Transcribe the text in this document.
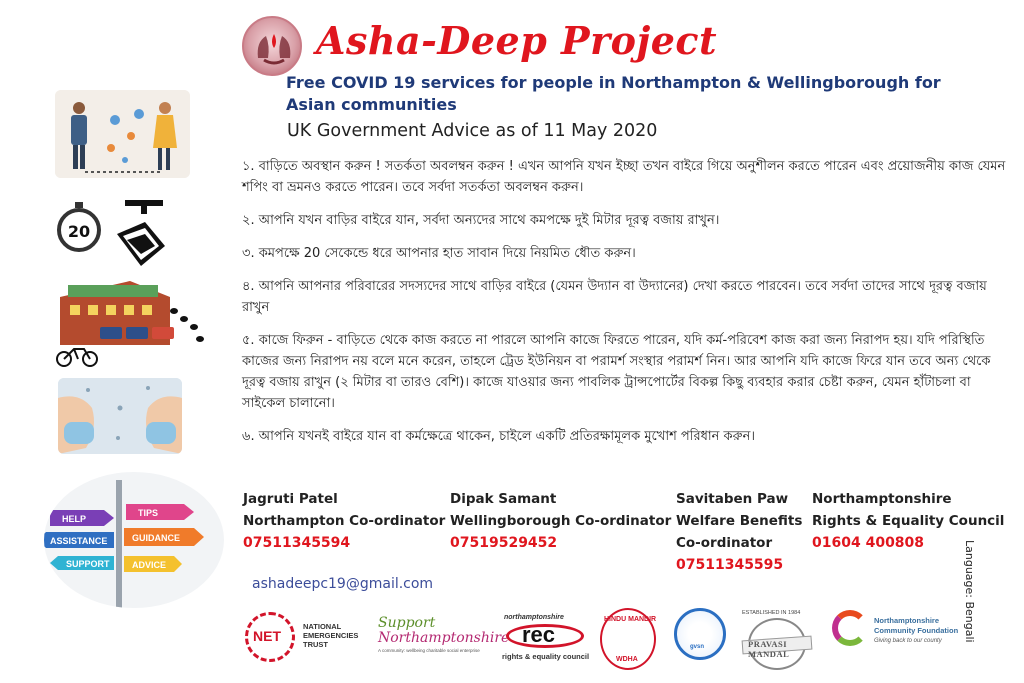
Asha-Deep Project
Free COVID 19 services for people in Northampton & Wellingborough for Asian communities
UK Government Advice as of 11 May 2020
20
HELP
TIPS
ASSISTANCE	GUIDANCE
SUPPORT ADVICE

১. বাড়িতে অবস্থান করুন ! সতর্কতা অবলম্বন করুন ! এখন আপনি যখন ইচ্ছা তখন বাইরে গিয়ে অনুশীলন করতে পারেন এবং প্রয়োজনীয় কাজ যেমন শপিং বা ভ্রমনও করতে পারেন। তবে সর্বদা সতর্কতা অবলম্বন করুন।

২. আপনি যখন বাড়ির বাইরে যান, সর্বদা অন্যদের সাথে কমপক্ষে দুই মিটার দূরত্ব বজায় রাখুন।

৩. কমপক্ষে 20 সেকেন্ডে ধরে আপনার হাত সাবান দিয়ে নিয়মিত ধৌত করুন।

৪. আপনি আপনার পরিবারের সদস্যদের সাথে বাড়ির বাইরে (যেমন উদ্যান বা উদ্যানের) দেখা করতে পারবেন। তবে সর্বদা তাদের সাথে দূরত্ব বজায় রাখুন

৫. কাজে ফিরুন - বাড়িতে থেকে কাজ করতে না পারলে আপনি কাজে ফিরতে পারেন, যদি কর্ম-পরিবেশ কাজ করা জন্য নিরাপদ হয়। যদি পরিস্থিতি কাজের জন্য নিরাপদ নয় বলে মনে করেন, তাহলে ট্রেড ইউনিয়ন বা পরামর্শ সংস্থার পরামর্শ নিন। আর আপনি যদি কাজে ফিরে যান তবে অন্য থেকে দূরত্ব বজায় রাখুন (২ মিটার বা তারও বেশি)। কাজে যাওয়ার জন্য পাবলিক ট্রান্সপোর্টের বিকল্প কিছু ব্যবহার করার চেষ্টা করুন, যেমন হাঁটাচলা বা সাইকেল চালানো।

৬. আপনি যখনই বাইরে যান বা কর্মক্ষেত্রে থাকেন, চাইলে একটি প্রতিরক্ষামূলক মুখোশ পরিধান করুন।

Jagruti Patel
Northampton Co-ordinator
07511345594
Dipak Samant
Wellingborough Co-ordinator
07519529452
Savitaben Paw
Welfare Benefits
Co-ordinator
07511345595
Northamptonshire
Rights & Equality Council
01604 400808
ashadeepc19@gmail.com	Language: Bengali
NET
NATIONAL
EMERGENCIES
TRUST
Support
Northamptonshire
A community: wellbeing charitable social enterprise
northamptonshire
rec
rights & equality council
HINDU MANDIR
WDHA
gvsn
ESTABLISHED IN 1984
PRAVASI MANDAL
Northamptonshire
Community Foundation
Giving back to our county
